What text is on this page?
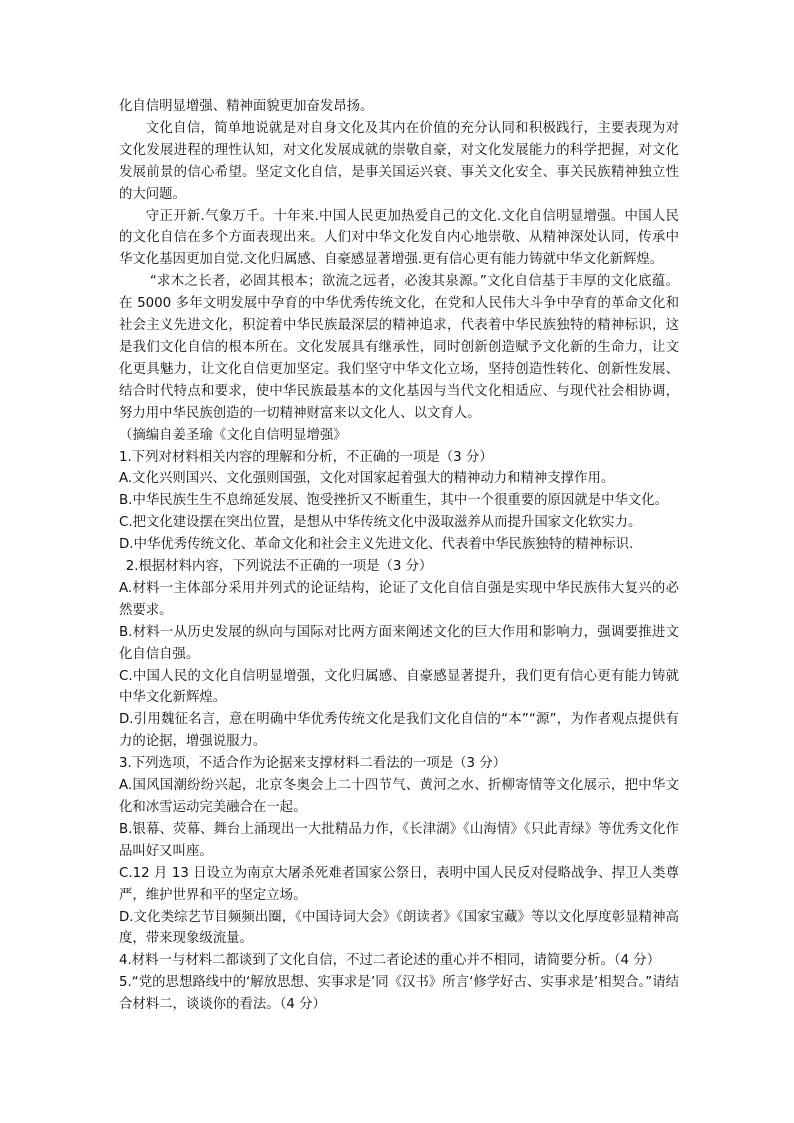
化自信明显增强、精神面貌更加奋发昂扬。

文化自信，简单地说就是对自身文化及其内在价值的充分认同和积极践行，主要表现为对文化发展进程的理性认知，对文化发展成就的崇敬自豪，对文化发展能力的科学把握，对文化发展前景的信心希望。坚定文化自信，是事关国运兴衰、事关文化安全、事关民族精神独立性的大问题。

守正开新.气象万千。十年来.中国人民更加热爱自己的文化.文化自信明显增强。中国人民的文化自信在多个方面表现出来。人们对中华文化发自内心地崇敬、从精神深处认同，传承中华文化基因更加自觉.文化归属感、自豪感显著增强.更有信心更有能力铸就中华文化新辉煌。

“求木之长者，必固其根本；欲流之远者，必浚其泉源。”文化自信基于丰厚的文化底蕴。在 5000 多年文明发展中孕育的中华优秀传统文化，在党和人民伟大斗争中孕育的革命文化和社会主义先进文化，积淀着中华民族最深层的精神追求，代表着中华民族独特的精神标识，这是我们文化自信的根本所在。文化发展具有继承性，同时创新创造赋予文化新的生命力，让文化更具魅力，让文化自信更加坚定。我们坚守中华文化立场，坚持创造性转化、创新性发展、结合时代特点和要求，使中华民族最基本的文化基因与当代文化相适应、与现代社会相协调，努力用中华民族创造的一切精神财富来以文化人、以文育人。

（摘编自姜圣瑜《文化自信明显增强》

1.下列对材料相关内容的理解和分析，不正确的一项是（3 分）

A.文化兴则国兴、文化强则国强，文化对国家起着强大的精神动力和精神支撑作用。

B.中华民族生生不息绵延发展、饱受挫折又不断重生，其中一个很重要的原因就是中华文化。

C.把文化建设摆在突出位置，是想从中华传统文化中汲取滋养从而提升国家文化软实力。

D.中华优秀传统文化、革命文化和社会主义先进文化、代表着中华民族独特的精神标识.

2.根据材料内容，下列说法不正确的一项是（3 分）

A.材料一主体部分采用并列式的论证结构，论证了文化自信自强是实现中华民族伟大复兴的必然要求。

B.材料一从历史发展的纵向与国际对比两方面来阐述文化的巨大作用和影响力，强调要推进文化自信自强。

C.中国人民的文化自信明显增强，文化归属感、自豪感显著提升，我们更有信心更有能力铸就中华文化新辉煌。

D.引用魏征名言，意在明确中华优秀传统文化是我们文化自信的“本”“源”，为作者观点提供有力的论据，增强说服力。

3.下列选项，不适合作为论据来支撑材料二看法的一项是（3 分）

A.国风国潮纷纷兴起，北京冬奥会上二十四节气、黄河之水、折柳寄情等文化展示，把中华文化和冰雪运动完美融合在一起。

B.银幕、荧幕、舞台上涌现出一大批精品力作，《长津湖》《山海情》《只此青绿》等优秀文化作品叫好又叫座。

C.12 月 13 日设立为南京大屠杀死难者国家公祭日，表明中国人民反对侵略战争、捍卫人类尊严，维护世界和平的坚定立场。

D.文化类综艺节目频频出圈，《中国诗词大会》《朗读者》《国家宝藏》等以文化厚度彰显精神高度，带来现象级流量。

4.材料一与材料二都谈到了文化自信，不过二者论述的重心并不相同，请简要分析。（4 分）

5.“党的思想路线中的‘解放思想、实事求是’同《汉书》所言‘修学好古、实事求是’相契合。”请结合材料二，谈谈你的看法。（4 分）
